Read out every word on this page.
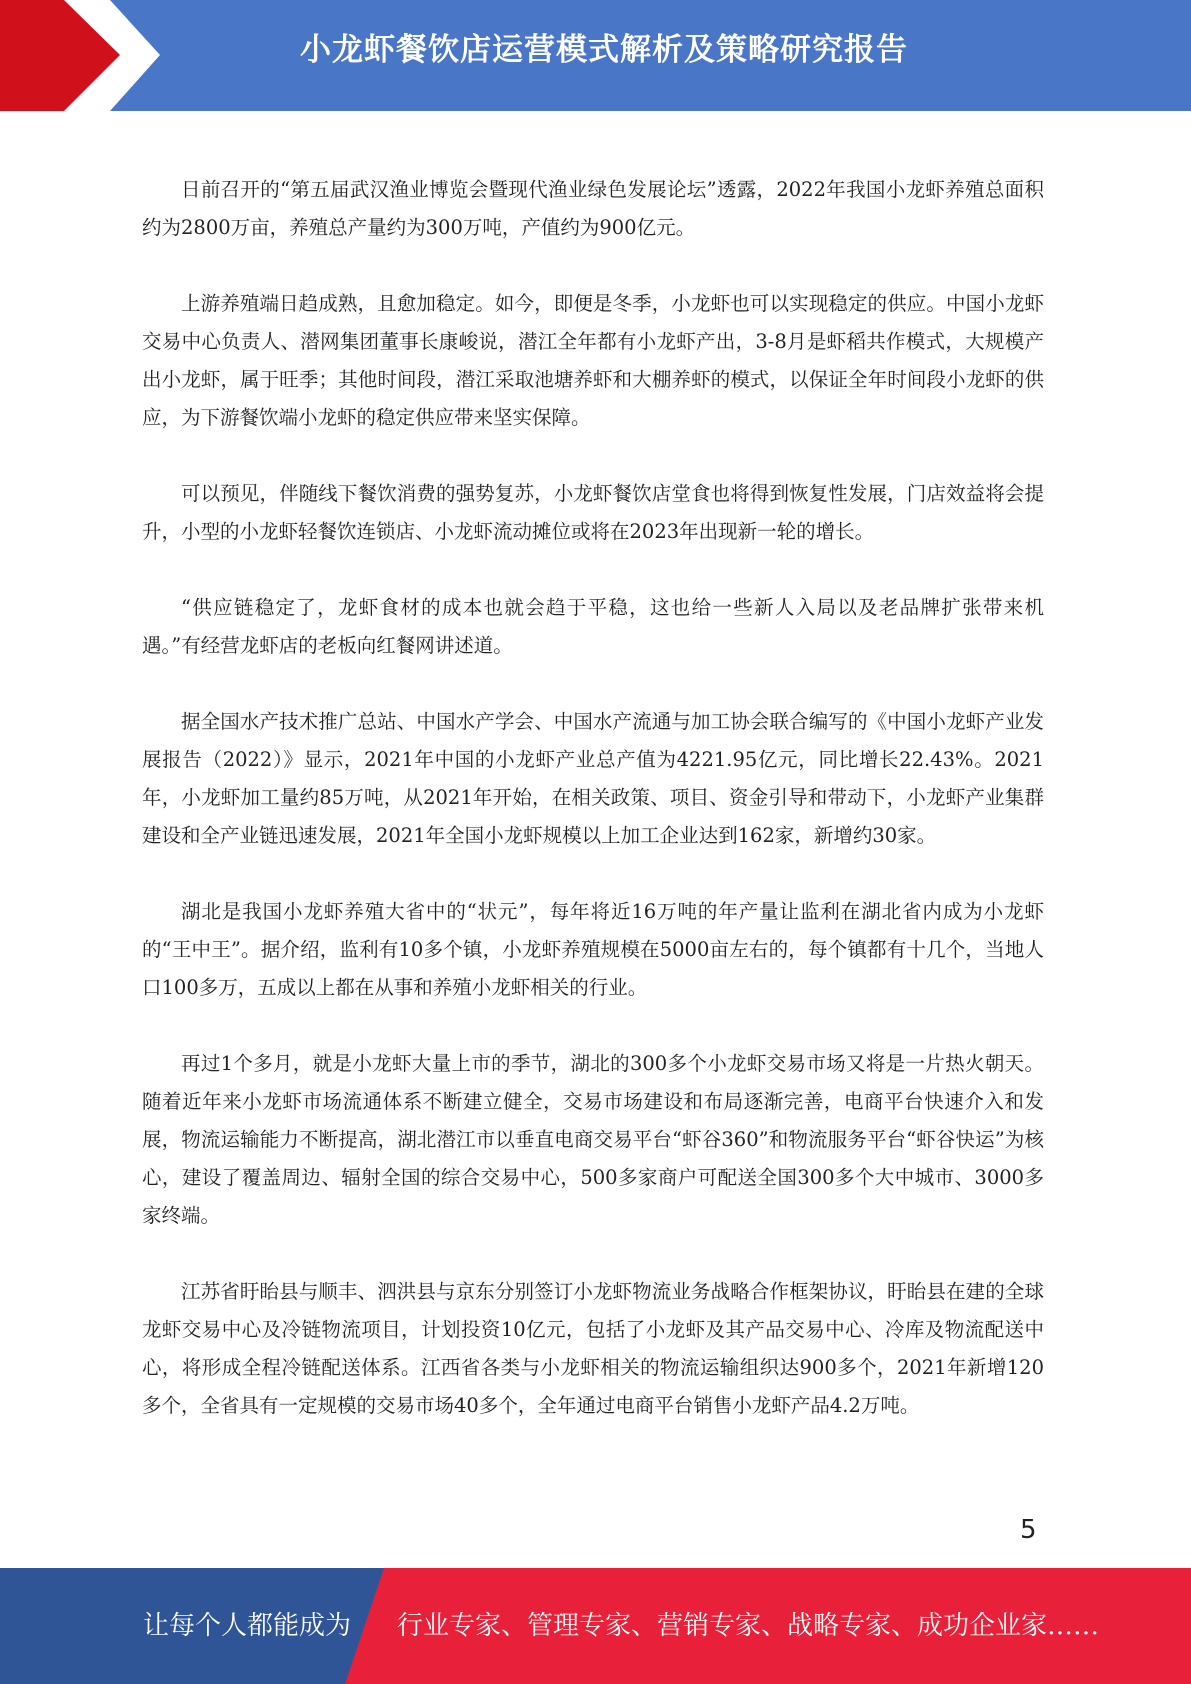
小龙虾餐饮店运营模式解析及策略研究报告

日前召开的“第五届武汉渔业博览会暨现代渔业绿色发展论坛”透露，2022年我国小龙虾养殖总面积约为2800万亩，养殖总产量约为300万吨，产值约为900亿元。

上游养殖端日趋成熟，且愈加稳定。如今，即便是冬季，小龙虾也可以实现稳定的供应。中国小龙虾交易中心负责人、潜网集团董事长康峻说，潜江全年都有小龙虾产出，3-8月是虾稻共作模式，大规模产出小龙虾，属于旺季；其他时间段，潜江采取池塘养虾和大棚养虾的模式，以保证全年时间段小龙虾的供应，为下游餐饮端小龙虾的稳定供应带来坚实保障。

可以预见，伴随线下餐饮消费的强势复苏，小龙虾餐饮店堂食也将得到恢复性发展，门店效益将会提升，小型的小龙虾轻餐饮连锁店、小龙虾流动摊位或将在2023年出现新一轮的增长。

“供应链稳定了，龙虾食材的成本也就会趋于平稳，这也给一些新人入局以及老品牌扩张带来机遇。”有经营龙虾店的老板向红餐网讲述道。

据全国水产技术推广总站、中国水产学会、中国水产流通与加工协会联合编写的《中国小龙虾产业发展报告（2022）》显示，2021年中国的小龙虾产业总产值为4221.95亿元，同比增长22.43%。2021年，小龙虾加工量约85万吨，从2021年开始，在相关政策、项目、资金引导和带动下，小龙虾产业集群建设和全产业链迅速发展，2021年全国小龙虾规模以上加工企业达到162家，新增约30家。

湖北是我国小龙虾养殖大省中的“状元”，每年将近16万吨的年产量让监利在湖北省内成为小龙虾的“王中王”。据介绍，监利有10多个镇，小龙虾养殖规模在5000亩左右的，每个镇都有十几个，当地人口100多万，五成以上都在从事和养殖小龙虾相关的行业。

再过1个多月，就是小龙虾大量上市的季节，湖北的300多个小龙虾交易市场又将是一片热火朝天。随着近年来小龙虾市场流通体系不断建立健全，交易市场建设和布局逐渐完善，电商平台快速介入和发展，物流运输能力不断提高，湖北潜江市以垂直电商交易平台“虾谷360”和物流服务平台“虾谷快运”为核心，建设了覆盖周边、辐射全国的综合交易中心，500多家商户可配送全国300多个大中城市、3000多家终端。

江苏省盱眙县与顺丰、泗洪县与京东分别签订小龙虾物流业务战略合作框架协议，盱眙县在建的全球龙虾交易中心及冷链物流项目，计划投资10亿元，包括了小龙虾及其产品交易中心、冷库及物流配送中心，将形成全程冷链配送体系。江西省各类与小龙虾相关的物流运输组织达900多个，2021年新增120多个，全省具有一定规模的交易市场40多个，全年通过电商平台销售小龙虾产品4.2万吨。

5
让每个人都能成为 行业专家、管理专家、营销专家、战略专家、成功企业家……
